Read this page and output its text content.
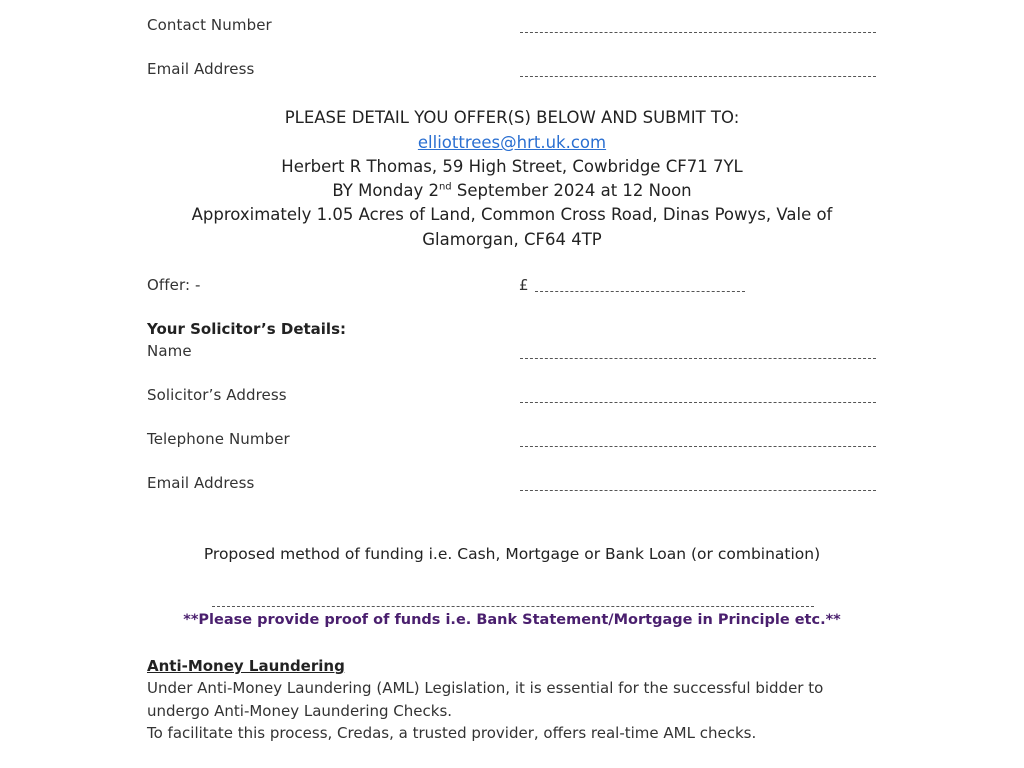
Contact Number
Email Address
PLEASE DETAIL YOU OFFER(S) BELOW AND SUBMIT TO:
elliottrees@hrt.uk.com
Herbert R Thomas, 59 High Street, Cowbridge CF71 7YL
BY Monday 2nd September 2024 at 12 Noon
Approximately 1.05 Acres of Land, Common Cross Road, Dinas Powys, Vale of
Glamorgan, CF64 4TP
Offer: -	£
Your Solicitor’s Details:
Name
Solicitor’s Address
Telephone Number
Email Address
Proposed method of funding i.e. Cash, Mortgage or Bank Loan (or combination)
**Please provide proof of funds i.e. Bank Statement/Mortgage in Principle etc.**
Anti-Money Laundering
Under Anti-Money Laundering (AML) Legislation, it is essential for the successful bidder to
undergo Anti-Money Laundering Checks.
To facilitate this process, Credas, a trusted provider, offers real-time AML checks.
